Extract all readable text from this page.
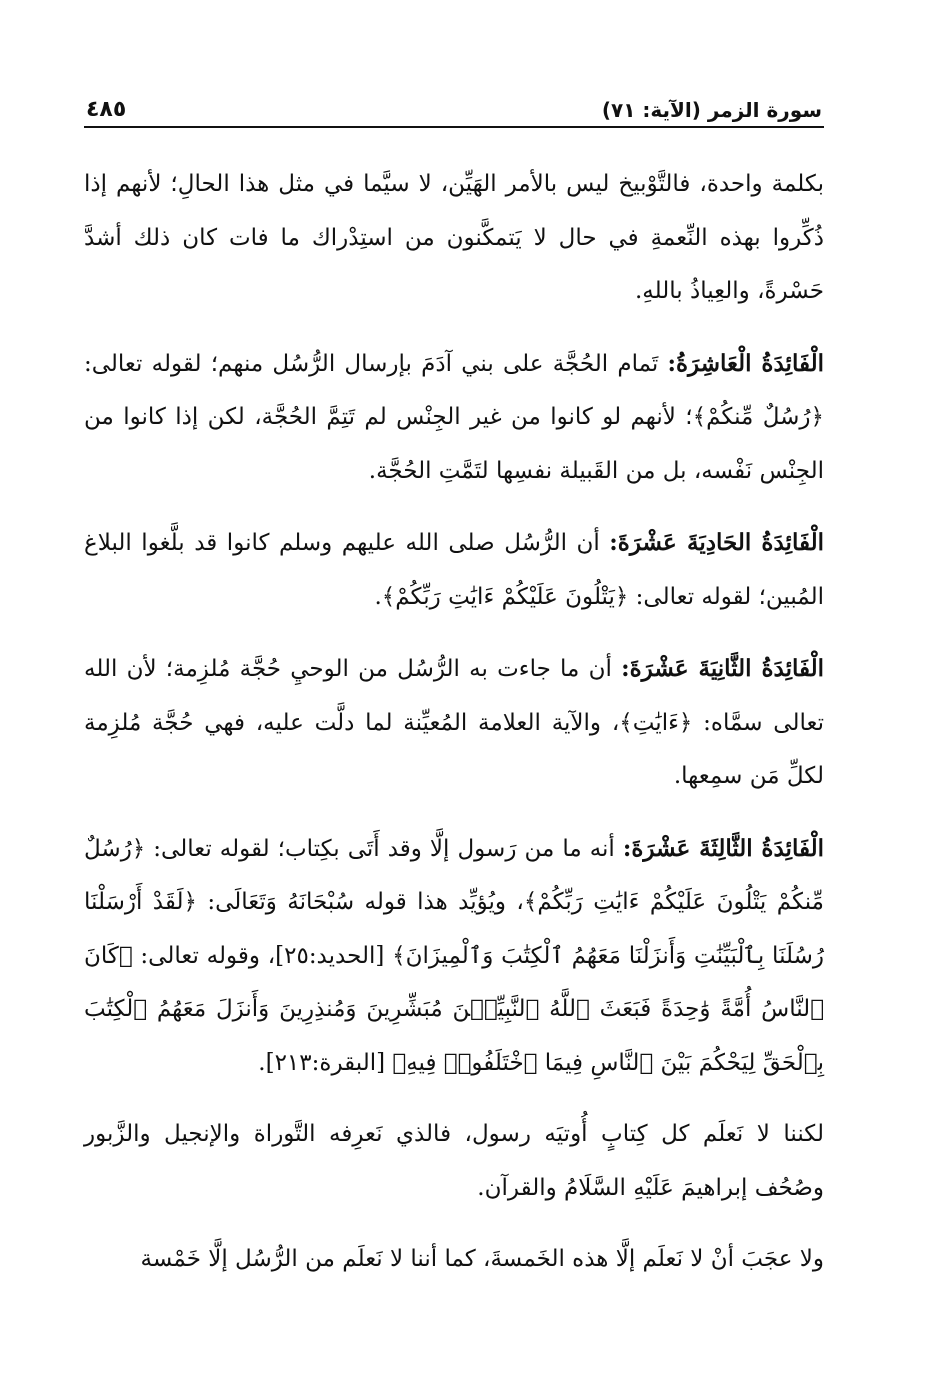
سورة الزمر (الآية: ٧١)
٤٨٥

بكلمة واحدة، فالتَّوْبيخ ليس بالأمر الهَيِّن، لا سيَّما في مثل هذا الحالِ؛ لأنهم إذا ذُكِّروا بهذه النِّعمةِ في حال لا يَتمكَّنون من استِدْراك ما فات كان ذلك أشدَّ حَسْرةً، والعِياذُ باللهِ.

الْفَائِدَةُ الْعَاشِرَةُ: تَمام الحُجَّة على بني آدَمَ بإرسال الرُّسُل منهم؛ لقوله تعالى: ﴿رُسُلٌ مِّنكُمْ﴾؛ لأنهم لو كانوا من غير الجِنْس لم تَتِمَّ الحُجَّة، لكن إذا كانوا من الجِنْس نَفْسه، بل من القَبيلة نفسِها لتَمَّتِ الحُجَّة.

الْفَائِدَةُ الحَادِيَةَ عَشْرَةَ: أن الرُّسُل صلى الله عليهم وسلم كانوا قد بلَّغوا البلاغ المُبين؛ لقوله تعالى: ﴿يَتْلُونَ عَلَيْكُمْ ءَايَٰتِ رَبِّكُمْ﴾.

الْفَائِدَةُ الثَّانِيَةَ عَشْرَةَ: أن ما جاءت به الرُّسُل من الوحيِ حُجَّة مُلزِمة؛ لأن الله تعالى سمَّاه: ﴿ءَايَٰتِ﴾، والآية العلامة المُعيِّنة لما دلَّت عليه، فهي حُجَّة مُلزِمة لكلِّ مَن سمِعها.

الْفَائِدَةُ الثَّالِثَةَ عَشْرَةَ: أنه ما من رَسول إلَّا وقد أَتَى بكِتاب؛ لقوله تعالى: ﴿رُسُلٌ مِّنكُمْ يَتْلُونَ عَلَيْكُمْ ءَايَٰتِ رَبِّكُمْ﴾، ويُؤيِّد هذا قوله سُبْحَانَهُ وَتَعَالَى: ﴿لَقَدْ أَرْسَلْنَا رُسُلَنَا بِٱلْبَيِّنَٰتِ وَأَنزَلْنَا مَعَهُمُ ٱلْكِتَٰبَ وَٱلْمِيزَانَ﴾ [الحديد:٢٥]، وقوله تعالى: ﴿كَانَ ٱلنَّاسُ أُمَّةً وَٰحِدَةً فَبَعَثَ ٱللَّهُ ٱلنَّبِيِّـۧنَ مُبَشِّرِينَ وَمُنذِرِينَ وَأَنزَلَ مَعَهُمُ ٱلْكِتَٰبَ بِٱلْحَقِّ لِيَحْكُمَ بَيْنَ ٱلنَّاسِ فِيمَا ٱخْتَلَفُوا۟ فِيهِ﴾ [البقرة:٢١٣].

لكننا لا نَعلَم كل كِتابٍ أُوتيَه رسول، فالذي نَعرِفه التَّوراة والإنجيل والزَّبور وصُحُف إبراهيمَ عَلَيْهِ السَّلَامُ والقرآن.

ولا عجَبَ أنْ لا نَعلَم إلَّا هذه الخَمسةَ، كما أننا لا نَعلَم من الرُّسُل إلَّا خَمْسة
